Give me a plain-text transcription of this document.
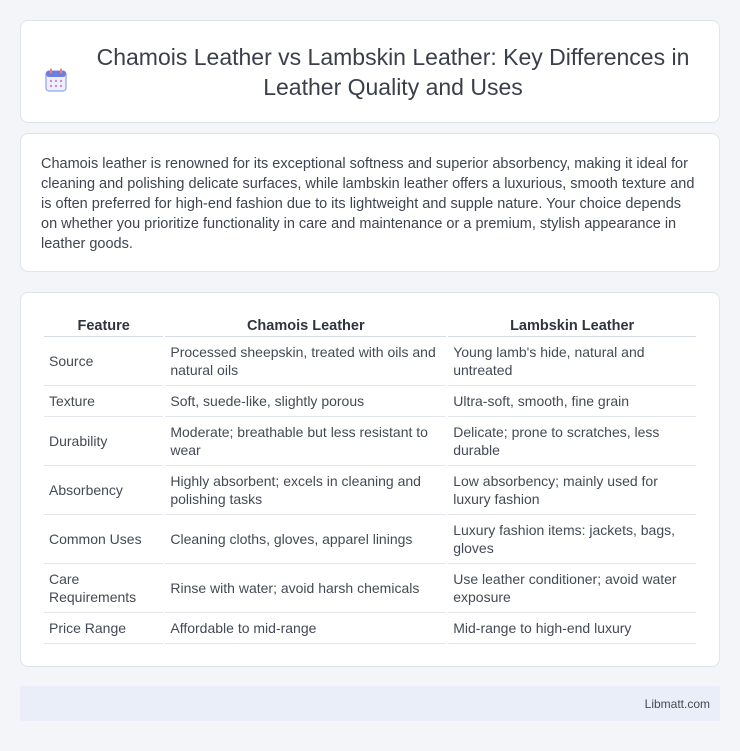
Chamois Leather vs Lambskin Leather: Key Differences in Leather Quality and Uses

Chamois leather is renowned for its exceptional softness and superior absorbency, making it ideal for cleaning and polishing delicate surfaces, while lambskin leather offers a luxurious, smooth texture and is often preferred for high-end fashion due to its lightweight and supple nature. Your choice depends on whether you prioritize functionality in care and maintenance or a premium, stylish appearance in leather goods.

Feature	Chamois Leather	Lambskin Leather
Source	Processed sheepskin, treated with oils and natural oils	Young lamb's hide, natural and untreated
Texture	Soft, suede-like, slightly porous	Ultra-soft, smooth, fine grain
Durability	Moderate; breathable but less resistant to wear	Delicate; prone to scratches, less durable
Absorbency	Highly absorbent; excels in cleaning and polishing tasks	Low absorbency; mainly used for luxury fashion
Common Uses	Cleaning cloths, gloves, apparel linings	Luxury fashion items: jackets, bags, gloves
Care Requirements	Rinse with water; avoid harsh chemicals	Use leather conditioner; avoid water exposure
Price Range	Affordable to mid-range	Mid-range to high-end luxury
Libmatt.com
